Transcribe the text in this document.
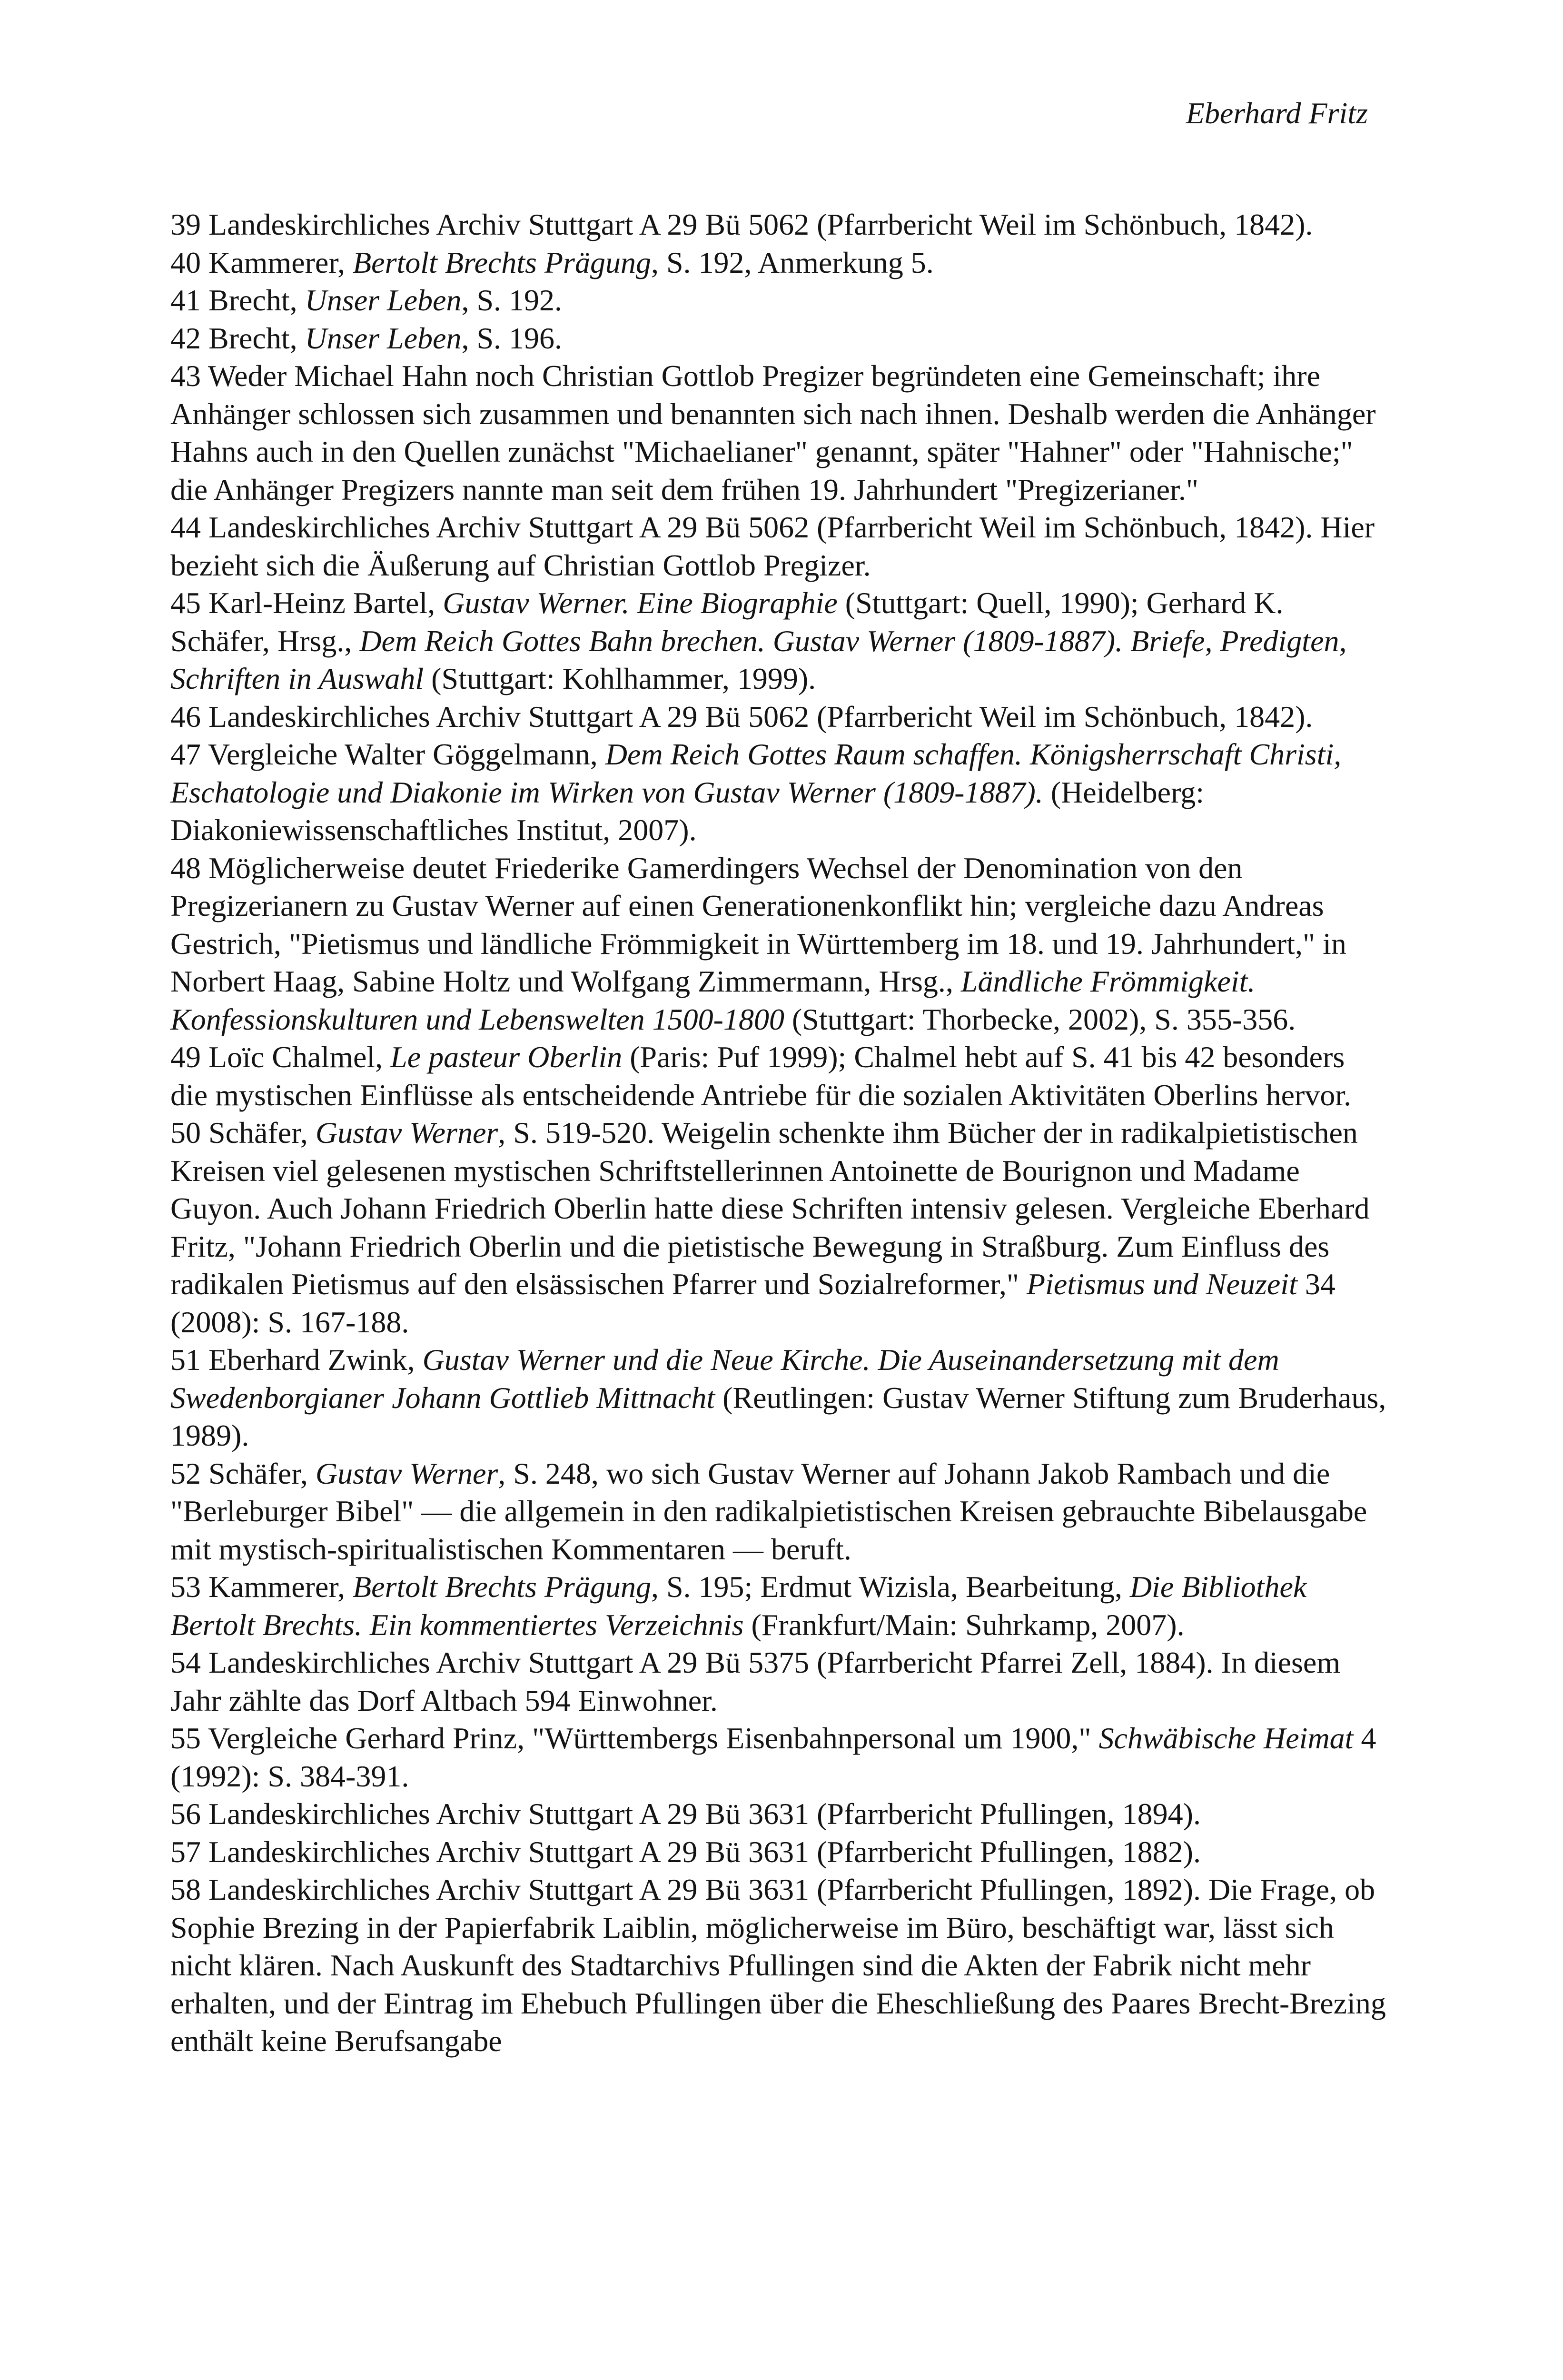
Eberhard Fritz
39 Landeskirchliches Archiv Stuttgart A 29 Bü 5062 (Pfarrbericht Weil im Schönbuch, 1842).
40 Kammerer, Bertolt Brechts Prägung, S. 192, Anmerkung 5.
41 Brecht, Unser Leben, S. 192.
42 Brecht, Unser Leben, S. 196.
43 Weder Michael Hahn noch Christian Gottlob Pregizer begründeten eine Gemeinschaft; ihre Anhänger schlossen sich zusammen und benannten sich nach ihnen. Deshalb werden die Anhänger Hahns auch in den Quellen zunächst "Michaelianer" genannt, später "Hahner" oder "Hahnische;" die Anhänger Pregizers nannte man seit dem frühen 19. Jahrhundert "Pregizerianer."
44 Landeskirchliches Archiv Stuttgart A 29 Bü 5062 (Pfarrbericht Weil im Schönbuch, 1842). Hier bezieht sich die Äußerung auf Christian Gottlob Pregizer.
45 Karl-Heinz Bartel, Gustav Werner. Eine Biographie (Stuttgart: Quell, 1990); Gerhard K. Schäfer, Hrsg., Dem Reich Gottes Bahn brechen. Gustav Werner (1809-1887). Briefe, Predigten, Schriften in Auswahl (Stuttgart: Kohlhammer, 1999).
46 Landeskirchliches Archiv Stuttgart A 29 Bü 5062 (Pfarrbericht Weil im Schönbuch, 1842).
47 Vergleiche Walter Göggelmann, Dem Reich Gottes Raum schaffen. Königsherrschaft Christi, Eschatologie und Diakonie im Wirken von Gustav Werner (1809-1887). (Heidelberg: Diakoniewissenschaftliches Institut, 2007).
48 Möglicherweise deutet Friederike Gamerdingers Wechsel der Denomination von den Pregizerianern zu Gustav Werner auf einen Generationenkonflikt hin; vergleiche dazu Andreas Gestrich, "Pietismus und ländliche Frömmigkeit in Württemberg im 18. und 19. Jahrhundert," in Norbert Haag, Sabine Holtz und Wolfgang Zimmermann, Hrsg., Ländliche Frömmigkeit. Konfessionskulturen und Lebenswelten 1500-1800 (Stuttgart: Thorbecke, 2002), S. 355-356.
49 Loïc Chalmel, Le pasteur Oberlin (Paris: Puf 1999); Chalmel hebt auf S. 41 bis 42 besonders die mystischen Einflüsse als entscheidende Antriebe für die sozialen Aktivitäten Oberlins hervor.
50 Schäfer, Gustav Werner, S. 519-520. Weigelin schenkte ihm Bücher der in radikalpietistischen Kreisen viel gelesenen mystischen Schriftstellerinnen Antoinette de Bourignon und Madame Guyon. Auch Johann Friedrich Oberlin hatte diese Schriften intensiv gelesen. Vergleiche Eberhard Fritz, "Johann Friedrich Oberlin und die pietistische Bewegung in Straßburg. Zum Einfluss des radikalen Pietismus auf den elsässischen Pfarrer und Sozialreformer," Pietismus und Neuzeit 34 (2008): S. 167-188.
51 Eberhard Zwink, Gustav Werner und die Neue Kirche. Die Auseinandersetzung mit dem Swedenborgianer Johann Gottlieb Mittnacht (Reutlingen: Gustav Werner Stiftung zum Bruderhaus, 1989).
52 Schäfer, Gustav Werner, S. 248, wo sich Gustav Werner auf Johann Jakob Rambach und die "Berleburger Bibel" — die allgemein in den radikalpietistischen Kreisen gebrauchte Bibelausgabe mit mystisch-spiritualistischen Kommentaren — beruft.
53 Kammerer, Bertolt Brechts Prägung, S. 195; Erdmut Wizisla, Bearbeitung, Die Bibliothek Bertolt Brechts. Ein kommentiertes Verzeichnis (Frankfurt/Main: Suhrkamp, 2007).
54 Landeskirchliches Archiv Stuttgart A 29 Bü 5375 (Pfarrbericht Pfarrei Zell, 1884). In diesem Jahr zählte das Dorf Altbach 594 Einwohner.
55 Vergleiche Gerhard Prinz, "Württembergs Eisenbahnpersonal um 1900," Schwäbische Heimat 4 (1992): S. 384-391.
56 Landeskirchliches Archiv Stuttgart A 29 Bü 3631 (Pfarrbericht Pfullingen, 1894).
57 Landeskirchliches Archiv Stuttgart A 29 Bü 3631 (Pfarrbericht Pfullingen, 1882).
58 Landeskirchliches Archiv Stuttgart A 29 Bü 3631 (Pfarrbericht Pfullingen, 1892). Die Frage, ob Sophie Brezing in der Papierfabrik Laiblin, möglicherweise im Büro, beschäftigt war, lässt sich nicht klären. Nach Auskunft des Stadtarchivs Pfullingen sind die Akten der Fabrik nicht mehr erhalten, und der Eintrag im Ehebuch Pfullingen über die Eheschließung des Paares Brecht-Brezing enthält keine Berufsangabe
